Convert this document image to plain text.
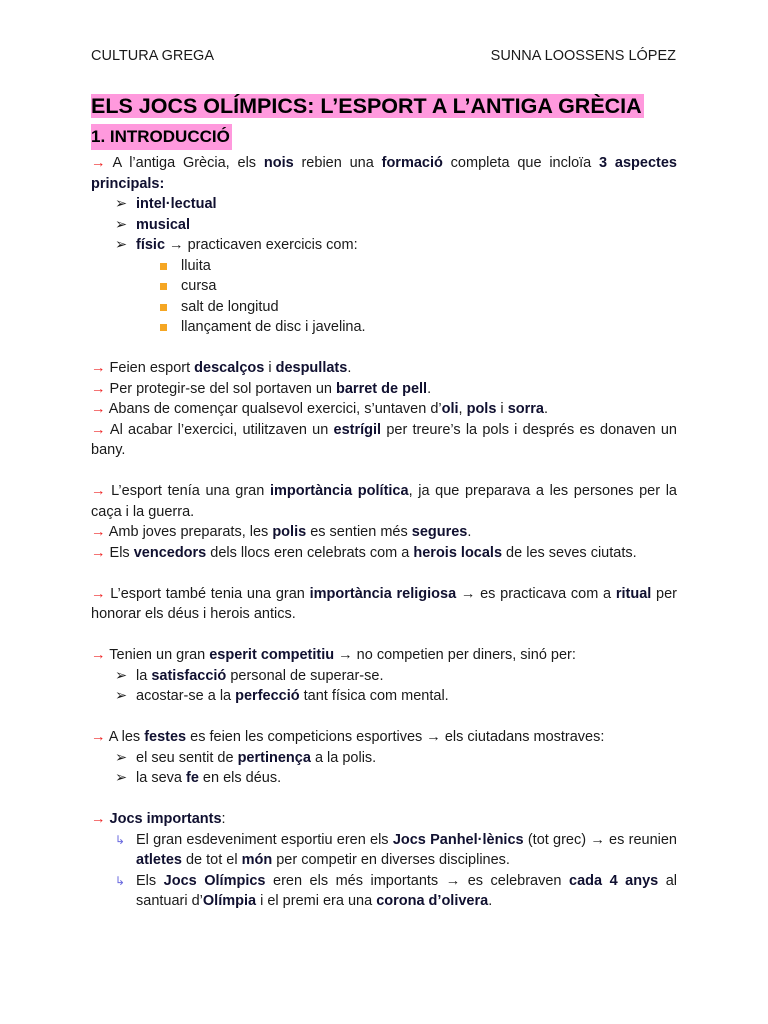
CULTURA GREGA	SUNNA LOOSSENS LÓPEZ
ELS JOCS OLÍMPICS: L’ESPORT A L’ANTIGA GRÈCIA
1. INTRODUCCIÓ

→ A l’antiga Grècia, els nois rebien una formació completa que incloïa 3 aspectes principals:

➢ intel·lectual
➢ musical
➢ físic → practicaven exercicis com:
lluita
cursa
salt de longitud
llançament de disc i javelina.

→ Feien esport descalços i despullats.

→ Per protegir-se del sol portaven un barret de pell.

→ Abans de començar qualsevol exercici, s’untaven d’oli, pols i sorra.

→ Al acabar l’exercici, utilitzaven un estrígil per treure’s la pols i després es donaven un bany.

→ L’esport tenía una gran importància política, ja que preparava a les persones per la caça i la guerra.

→ Amb joves preparats, les polis es sentien més segures.

→ Els vencedors dels llocs eren celebrats com a herois locals de les seves ciutats.

→ L’esport també tenia una gran importància religiosa → es practicava com a ritual per honorar els déus i herois antics.

→ Tenien un gran esperit competitiu → no competien per diners, sinó per:

➢ la satisfacció personal de superar-se.
➢ acostar-se a la perfecció tant física com mental.

→ A les festes es feien les competicions esportives → els ciutadans mostraves:

➢ el seu sentit de pertinença a la polis.
➢ la seva fe en els déus.

→ Jocs importants:

↳ El gran esdeveniment esportiu eren els Jocs Panhel·lènics (tot grec) → es reunien atletes de tot el món per competir en diverses disciplines.
↳ Els Jocs Olímpics eren els més importants → es celebraven cada 4 anys al santuari d’Olímpia i el premi era una corona d’olivera.
